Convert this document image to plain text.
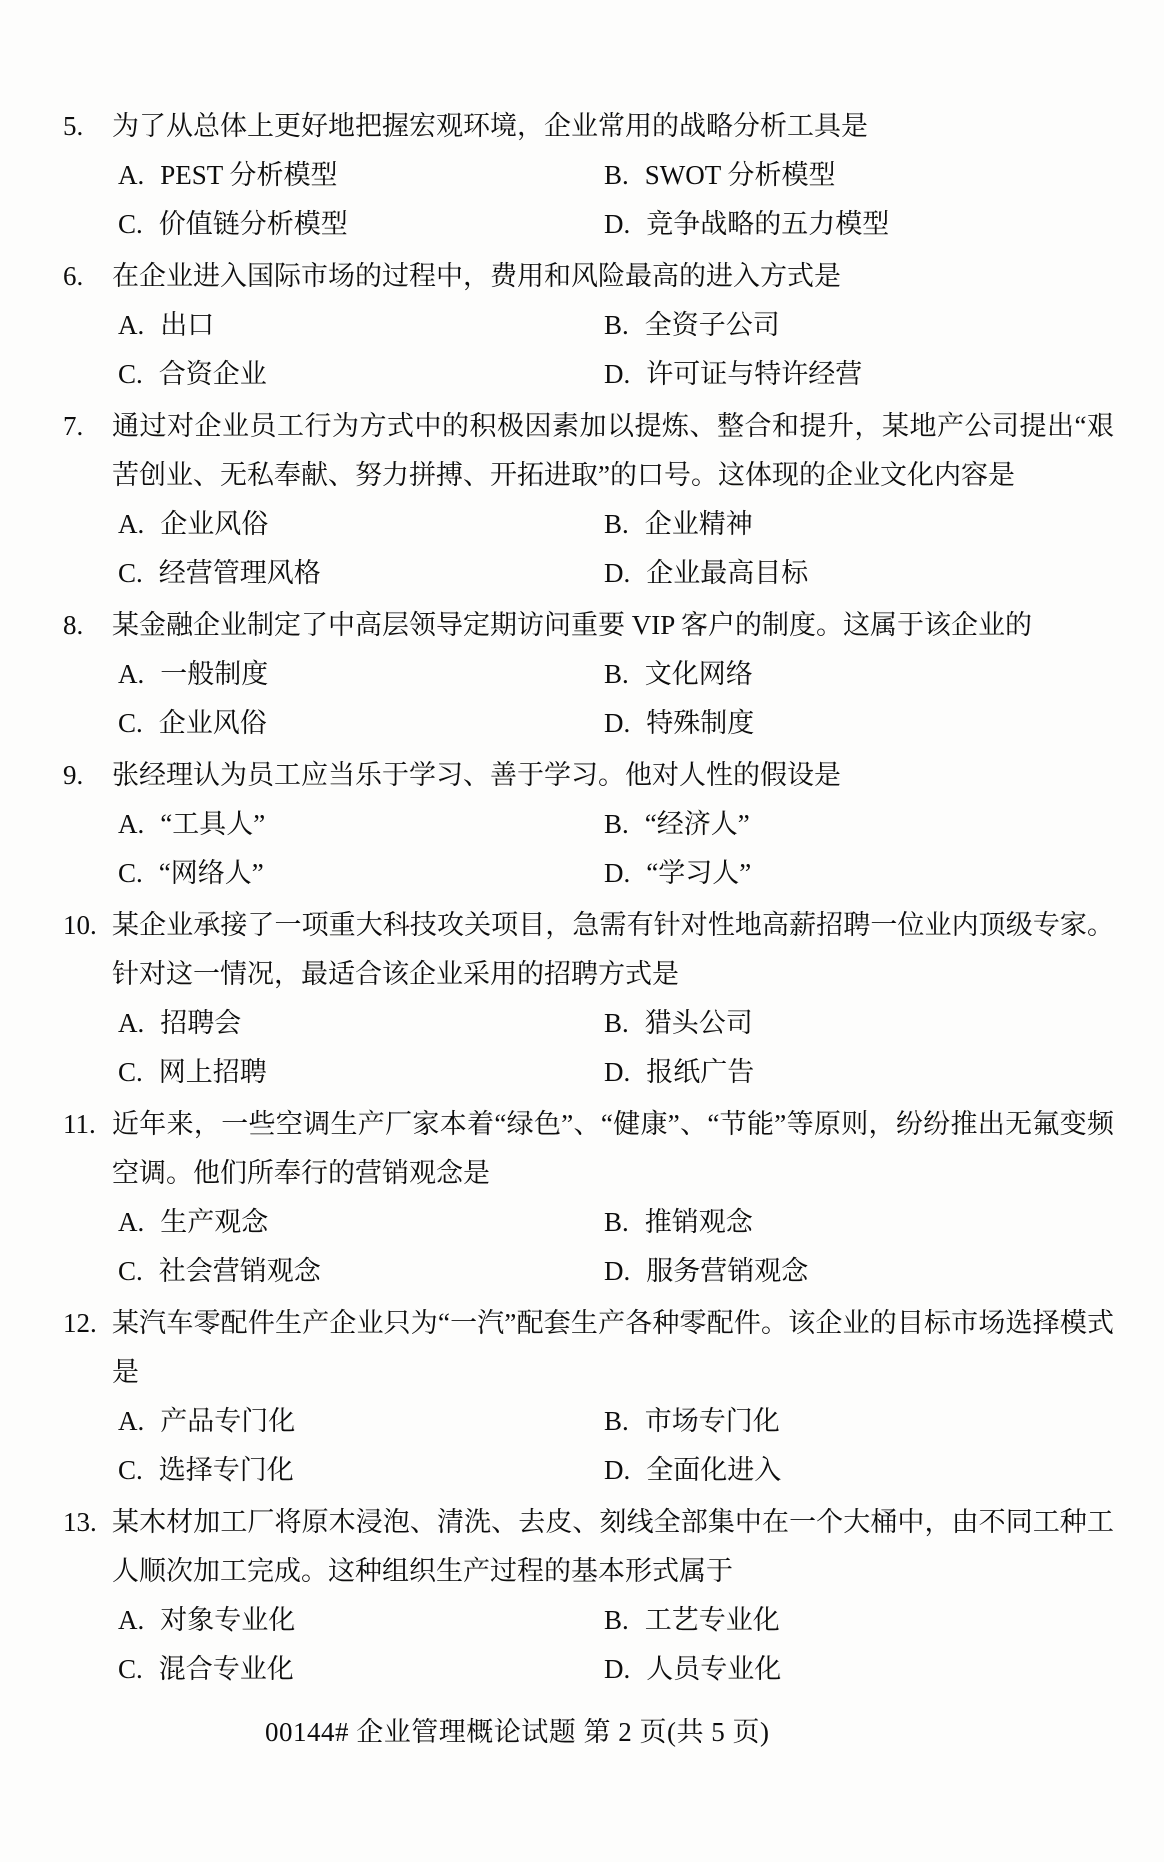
5.	为了从总体上更好地把握宏观环境，企业常用的战略分析工具是
A. PEST 分析模型	B. SWOT 分析模型
C. 价值链分析模型	D. 竞争战略的五力模型
6.	在企业进入国际市场的过程中，费用和风险最高的进入方式是
A. 出口	B. 全资子公司
C. 合资企业	D. 许可证与特许经营
7.	通过对企业员工行为方式中的积极因素加以提炼、整合和提升，某地产公司提出“艰苦创业、无私奉献、努力拼搏、开拓进取”的口号。这体现的企业文化内容是
A. 企业风俗	B. 企业精神
C. 经营管理风格	D. 企业最高目标
8.	某金融企业制定了中高层领导定期访问重要 VIP 客户的制度。这属于该企业的
A. 一般制度	B. 文化网络
C. 企业风俗	D. 特殊制度
9.	张经理认为员工应当乐于学习、善于学习。他对人性的假设是
A. “工具人”	B. “经济人”
C. “网络人”	D. “学习人”
10. 某企业承接了一项重大科技攻关项目，急需有针对性地高薪招聘一位业内顶级专家。针对这一情况，最适合该企业采用的招聘方式是
A. 招聘会	B. 猎头公司
C. 网上招聘	D. 报纸广告
11. 近年来，一些空调生产厂家本着“绿色”、“健康”、“节能”等原则，纷纷推出无氟变频空调。他们所奉行的营销观念是
A. 生产观念	B. 推销观念
C. 社会营销观念	D. 服务营销观念
12. 某汽车零配件生产企业只为“一汽”配套生产各种零配件。该企业的目标市场选择模式是
A. 产品专门化	B. 市场专门化
C. 选择专门化	D. 全面化进入
13. 某木材加工厂将原木浸泡、清洗、去皮、刻线全部集中在一个大桶中，由不同工种工人顺次加工完成。这种组织生产过程的基本形式属于
A. 对象专业化	B. 工艺专业化
C. 混合专业化	D. 人员专业化
00144# 企业管理概论试题 第 2 页(共 5 页)
